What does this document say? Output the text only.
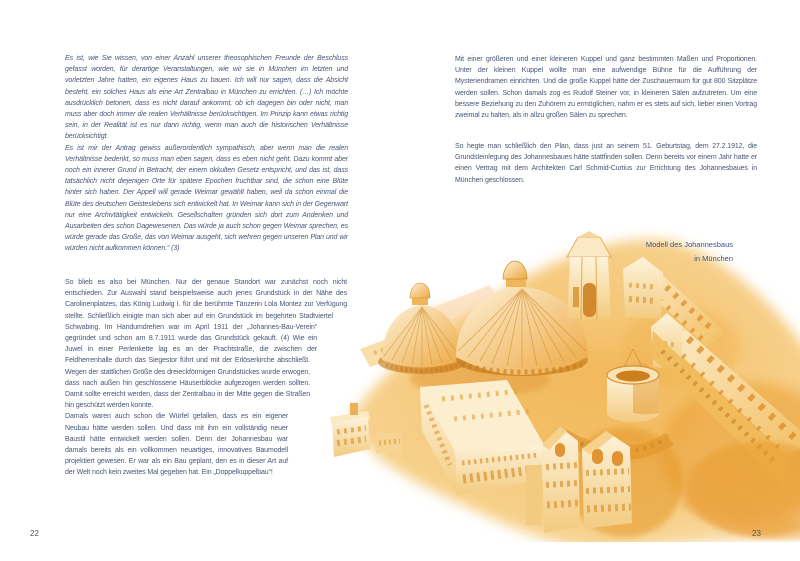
Es ist, wie Sie wissen, von einer Anzahl unserer theosophischen Freunde der Beschluss gefasst worden, für derartige Veranstaltungen, wie wir sie in München im letzten und vorletzten Jahre hatten, ein eigenes Haus zu bauen. Ich will nur sagen, dass die Absicht besteht, ein solches Haus als eine Art Zentralbau in München zu errichten. (…) Ich möchte ausdrücklich betonen, dass es nicht darauf ankommt, ob ich dagegen bin oder nicht, man muss aber doch immer die realen Verhältnisse berücksichtigen. Im Prinzip kann etwas richtig sein, in der Realität ist es nur dann richtig, wenn man auch die historischen Verhältnisse berücksichtigt.

Es ist mir der Antrag gewiss außerordentlich sympathisch, aber wenn man die realen Verhältnisse bedenkt, so muss man eben sagen, dass es eben nicht geht. Dazu kommt aber noch ein innerer Grund in Betracht, der einem okkulten Gesetz entspricht, und das ist, dass tatsächlich nicht diejenigen Orte für spätere Epochen fruchtbar sind, die schon eine Blüte hinter sich haben. Der Appell will gerade Weimar gewählt haben, weil da schon einmal die Blüte des deutschen Geisteslebens sich entwickelt hat. In Weimar kann sich in der Gegenwart nur eine Archivtätigkeit entwickeln. Gesellschaften gründen sich dort zum Andenken und Ausarbeiten des schon Dagewesenen. Das würde ja auch schon gegen Weimar sprechen, es würde gerade das Große, das von Weimar ausgeht, sich wehren gegen unseren Plan und wir würden nicht aufkommen können.“ (3)

So blieb es also bei München. Nur der genaue Standort war zunächst noch nicht entschieden. Zur Auswahl stand beispielsweise auch jenes Grundstück in der Nähe des Carolinenplatzes, das König Ludwig I. für die berühmte Tänzerin Lola Montez zur Verfügung stellte. Schließlich einigte man sich aber auf ein Grundstück im begehrten Stadtviertel Schwabing. Im Handumdrehen war im April 1911 der „Johannes-Bau-Verein“ gegründet und schon am 8.7.1911 wurde das Grundstück gekauft. (4) Wie ein Juwel in einer Perlenkette lag es an der Prachtstraße, die zwischen der Feldherrenhalle durch das Siegestor führt und mit der Erlöserkirche abschließt. Wegen der stattlichen Größe des dreieckförmigen Grundstückes wurde erwogen, dass nach außen hin geschlossene Häuserblöcke aufgezogen werden sollten. Damit sollte erreicht werden, dass der Zentralbau in der Mitte gegen die Straßen hin geschützt werden konnte.

Damals waren auch schon die Würfel gefallen, dass es ein eigener Neubau hätte werden sollen. Und dass mit ihm ein vollständig neuer Baustil hätte entwickelt werden sollen. Denn der Johannesbau war damals bereits als ein vollkommen neuartiges, innovatives Baumodell projektiert gewesen. Er war als ein Bau geplant, den es in dieser Art auf der Welt noch kein zweites Mal gegeben hat. Ein „Doppelkuppelbau“!

22
Mit einer größeren und einer kleineren Kuppel und ganz bestimmten Maßen und Proportionen. Unter der kleinen Kuppel wollte man eine aufwendige Bühne für die Aufführung der Mysteriendramen einrichten. Und die große Kuppel hätte der Zuschauerraum für gut 800 Sitzplätze werden sollen. Schon damals zog es Rudolf Steiner vor, in kleineren Sälen aufzutreten. Um eine bessere Beziehung zu den Zuhörern zu ermöglichen, nahm er es stets auf sich, lieber einen Vortrag zweimal zu halten, als in allzu großen Sälen zu sprechen.
So hegte man schließlich den Plan, dass just an seinem 51. Geburtstag, dem 27.2.1912, die Grundsteinlegung des Johannesbaues hätte stattfinden sollen. Denn bereits vor einem Jahr hatte er einen Vertrag mit dem Architekten Carl Schmid-Curtius zur Errichtung des Johannesbaues in München geschlossen.
Modell des Johannesbaus
in München
23
